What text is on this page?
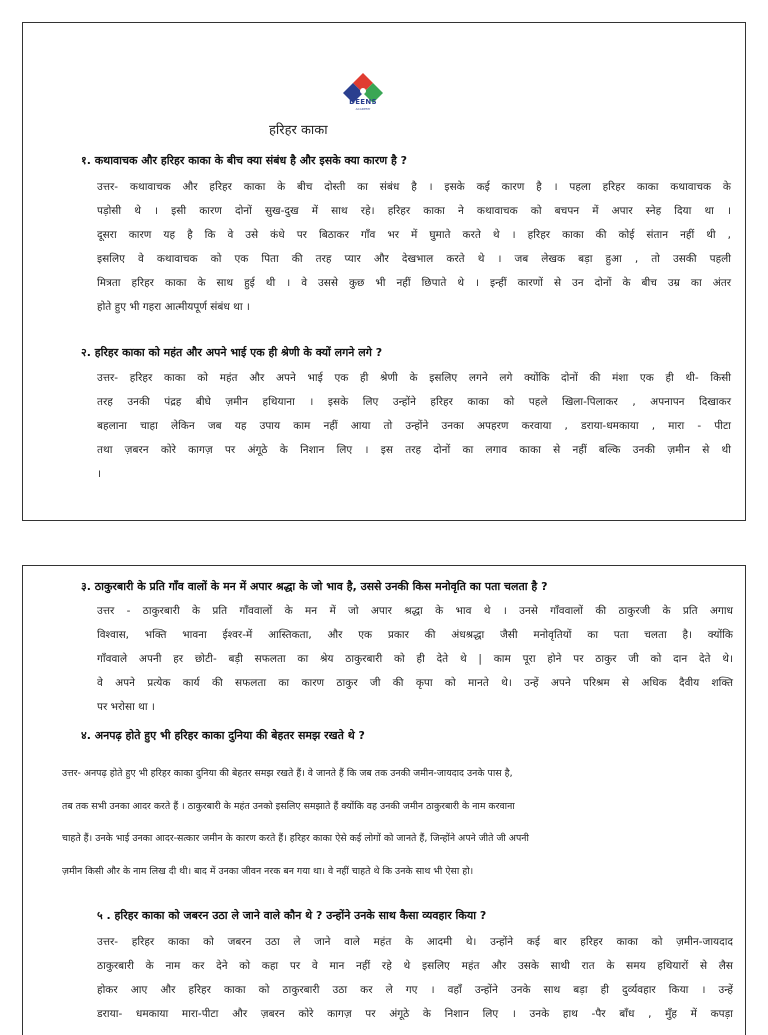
DEENS
ACADEMY
हरिहर काका
१. कथावाचक और हरिहर काका के बीच क्या संबंध है और इसके क्या कारण है ?
उत्तर- कथावाचक और हरिहर काका के बीच दोस्ती का संबंध है । इसके कई कारण है । पहला हरिहर काका कथावाचक के
पड़ोसी थे । इसी कारण दोनों सुख-दुख में साथ रहे। हरिहर काका ने कथावाचक को बचपन में अपार स्नेह दिया था ।
दूसरा कारण यह है कि वे उसे कंधे पर बिठाकर गाँव भर में घुमाते करते थे । हरिहर काका की कोई संतान नहीं थी ,
इसलिए वे कथावाचक को एक पिता की तरह प्यार और देखभाल करते थे । जब लेखक बड़ा हुआ , तो उसकी पहली
मित्रता हरिहर काका के साथ हुई थी । वे उससे कुछ भी नहीं छिपाते थे । इन्हीं कारणों से उन दोनों के बीच उम्र का अंतर
होते हुए भी गहरा आत्मीयपूर्ण संबंध था ।
२. हरिहर काका को महंत और अपने भाई एक ही श्रेणी के क्यों लगने लगे ?
उत्तर- हरिहर काका को महंत और अपने भाई एक ही श्रेणी के इसलिए लगने लगे क्योंकि दोनों की मंशा एक ही थी- किसी
तरह उनकी पंद्रह बीघे ज़मीन हथियाना । इसके लिए उन्होंने हरिहर काका को पहले खिला-पिलाकर , अपनापन दिखाकर
बहलाना चाहा लेकिन जब यह उपाय काम नहीं आया तो उन्होंने उनका अपहरण करवाया , डराया-धमकाया , मारा - पीटा
तथा ज़बरन कोरे कागज़ पर अंगूठे के निशान लिए । इस तरह दोनों का लगाव काका से नहीं बल्कि उनकी ज़मीन से थी
।
३. ठाकुरबारी के प्रति गाँव वालों के मन में अपार श्रद्धा के जो भाव है, उससे उनकी किस मनोवृति का पता चलता है ?
उत्तर - ठाकुरबारी के प्रति गाँववालों के मन में जो अपार श्रद्धा के भाव थे । उनसे गाँववालों की ठाकुरजी के प्रति अगाध
विश्वास, भक्ति भावना ईश्वर-में आस्तिकता, और एक प्रकार की अंधश्रद्धा जैसी मनोवृतियों का पता चलता है। क्योंकि
गाँववाले अपनी हर छोटी- बड़ी सफलता का श्रेय ठाकुरबारी को ही देते थे | काम पूरा होने पर ठाकुर जी को दान देते थे।
वे अपने प्रत्येक कार्य की सफलता का कारण ठाकुर जी की कृपा को मानते थे। उन्हें अपने परिश्रम से अधिक दैवीय शक्ति
पर भरोसा था ।
४. अनपढ़ होते हुए भी हरिहर काका दुनिया की बेहतर समझ रखते थे ?
५ . हरिहर काका को जबरन उठा ले जाने वाले कौन थे ? उन्होंने उनके साथ कैसा व्यवहार किया ?
उत्तर- हरिहर काका को जबरन उठा ले जाने वाले महंत के आदमी थे। उन्होंने कई बार हरिहर काका को ज़मीन-जायदाद
ठाकुरबारी के नाम कर देने को कहा पर वे मान नहीं रहे थे इसलिए महंत और उसके साथी रात के समय हथियारों से लैस
होकर आए और हरिहर काका को ठाकुरबारी उठा कर ले गए । वहाँ उन्होंने उनके साथ बड़ा ही दुर्व्यवहार किया । उन्हें
डराया- धमकाया मारा-पीटा और ज़बरन कोरे कागज़ पर अंगूठे के निशान लिए । उनके हाथ -पैर बाँध , मुँह में कपड़ा
उत्तर- अनपढ़ होते हुए भी हरिहर काका दुनिया की बेहतर समझ रखते हैं। वे जानते हैं कि जब तक उनकी जमीन-जायदाद उनके पास है,
तब तक सभी उनका आदर करते हैं । ठाकुरबारी के महंत उनको इसलिए समझाते हैं क्योंकि वह उनकी जमीन ठाकुरबारी के नाम करवाना
चाहते हैं। उनके भाई उनका आदर-सत्कार जमीन के कारण करते हैं। हरिहर काका ऐसे कई लोगों को जानते हैं, जिन्होंने अपने जीते जी अपनी
ज़मीन किसी और के नाम लिख दी थी। बाद में उनका जीवन नरक बन गया था। वे नहीं चाहते थे कि उनके साथ भी ऐसा हो।
